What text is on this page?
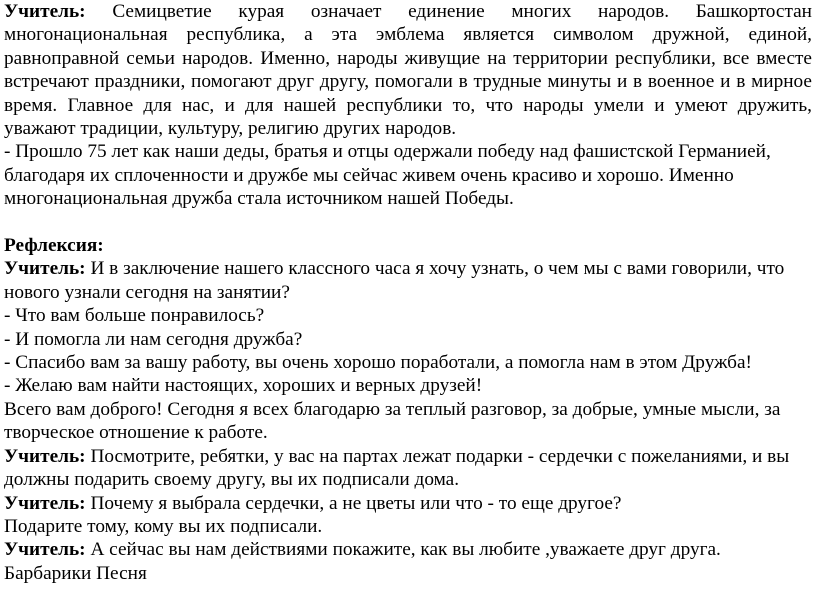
Учитель: Семицветие курая означает единение многих народов. Башкортостан многонациональная республика, а эта эмблема является символом дружной, единой, равноправной семьи народов. Именно, народы живущие на территории республики, все вместе встречают праздники, помогают друг другу, помогали в трудные минуты и в военное и в мирное время. Главное для нас, и для нашей республики то, что народы умели и умеют дружить, уважают традиции, культуру, религию других народов.

- Прошло 75 лет как наши деды, братья и отцы одержали победу над фашистской Германией, благодаря их сплоченности и дружбе мы сейчас живем очень красиво и хорошо. Именно многонациональная дружба стала источником нашей Победы.

Рефлексия:

Учитель: И в заключение нашего классного часа я хочу узнать, о чем мы с вами говорили, что нового узнали сегодня на занятии?

- Что вам больше понравилось?

- И помогла ли нам сегодня дружба?

- Спасибо вам за вашу работу, вы очень хорошо поработали, а помогла нам в этом Дружба!

- Желаю вам найти настоящих, хороших и верных друзей!

Всего вам доброго! Сегодня я всех благодарю за теплый разговор, за добрые, умные мысли, за творческое отношение к работе.

Учитель: Посмотрите, ребятки, у вас на партах лежат подарки - сердечки с пожеланиями, и вы должны подарить своему другу, вы их подписали дома.

Учитель: Почему я выбрала сердечки, а не цветы или что - то еще другое?

Подарите тому, кому вы их подписали.

Учитель: А сейчас вы нам действиями покажите, как вы любите ,уважаете друг друга.

Барбарики Песня
